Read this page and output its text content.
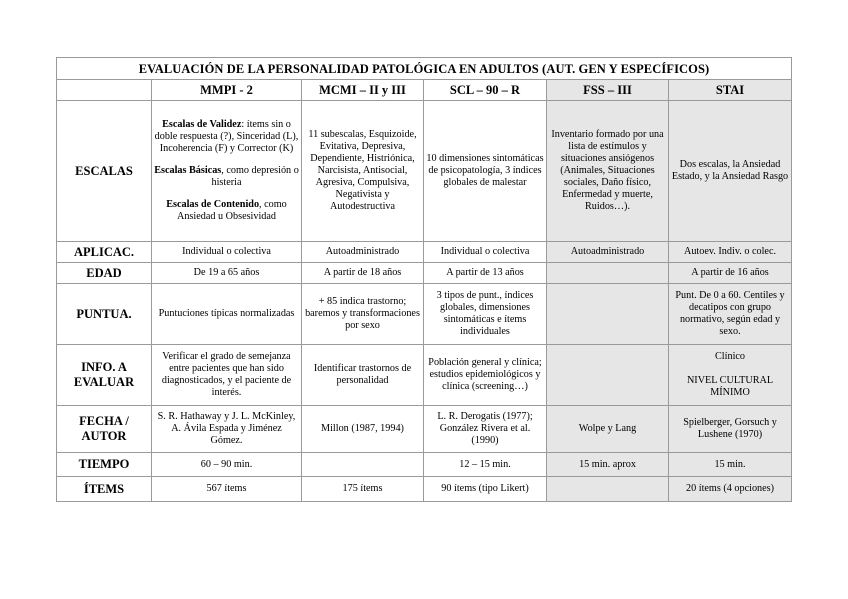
EVALUACIÓN DE LA PERSONALIDAD PATOLÓGICA EN ADULTOS (AUT. GEN Y ESPECÍFICOS)					
	MMPI - 2	MCMI – II y III	SCL – 90 – R	FSS – III	STAI
ESCALAS	Escalas de Validez: ítems sin o doble respuesta (?), Sinceridad (L), Incoherencia (F) y Corrector (K)

Escalas Básicas, como depresión o histeria

Escalas de Contenido, como Ansiedad u Obsesividad	11 subescalas, Esquizoide, Evitativa, Depresiva, Dependiente, Histriónica, Narcisista, Antisocial, Agresiva, Compulsiva, Negativista y Autodestructiva	10 dimensiones sintomáticas de psicopatología, 3 índices globales de malestar	Inventario formado por una lista de estímulos y situaciones ansiógenos (Animales, Situaciones sociales, Daño físico, Enfermedad y muerte, Ruidos…).	Dos escalas, la Ansiedad Estado, y la Ansiedad Rasgo
APLICAC.	Individual o colectiva	Autoadministrado	Individual o colectiva	Autoadministrado	Autoev. Indiv. o colec.
EDAD	De 19 a 65 años	A partir de 18 años	A partir de 13 años		A partir de 16 años
PUNTUA.	Puntuciones típicas normalizadas	+ 85 indica trastorno; baremos y transformaciones por sexo	3 tipos de punt., índices globales, dimensiones sintomáticas e ítems individuales		Punt. De 0 a 60. Centiles y decatipos con grupo normativo, según edad y sexo.
INFO. A EVALUAR	Verificar el grado de semejanza entre pacientes que han sido diagnosticados, y el paciente de interés.	Identificar trastornos de personalidad	Población general y clínica; estudios epidemiológicos y clínica (screening…)		Clínico
NIVEL CULTURAL MÍNIMO
FECHA / AUTOR	S. R. Hathaway y J. L. McKinley, A. Ávila Espada y Jiménez Gómez.	Millon (1987, 1994)	L. R. Derogatis (1977); González Rivera et al. (1990)	Wolpe y Lang	Spielberger, Gorsuch y Lushene (1970)
TIEMPO	60 – 90 min.		12 – 15 min.	15 min. aprox	15 min.
ÍTEMS	567 ítems	175 ítems	90 ítems (tipo Likert)		20 ítems (4 opciones)
